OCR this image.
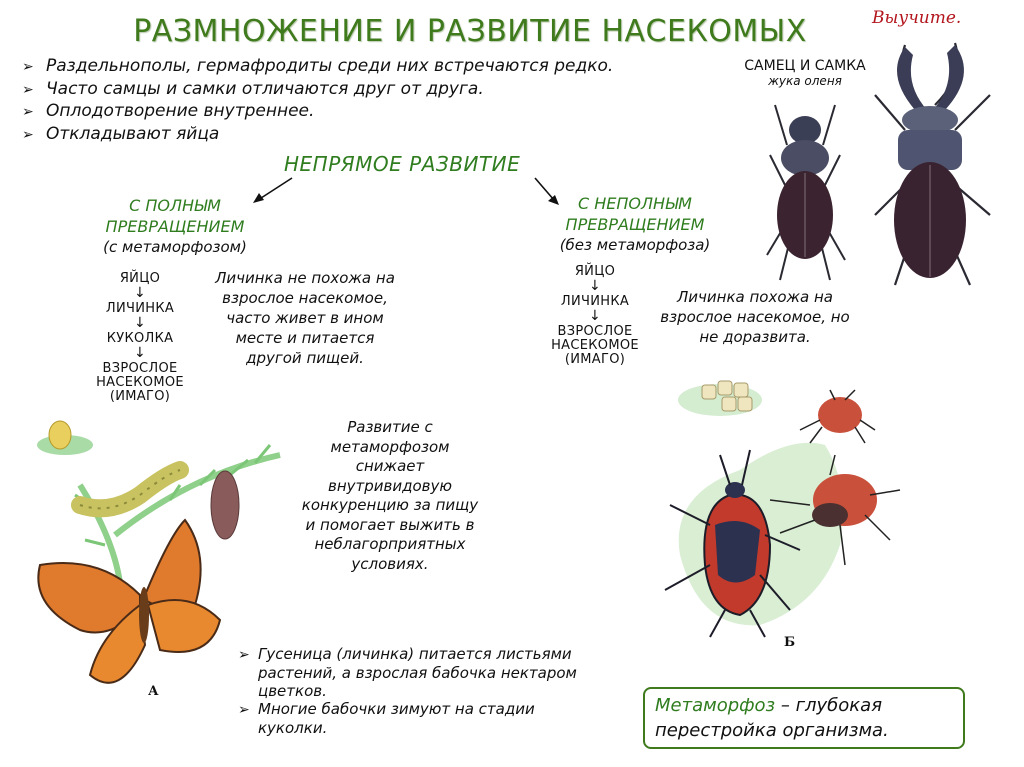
РАЗМНОЖЕНИЕ И РАЗВИТИЕ НАСЕКОМЫХ	Выучите.
➢ Раздельнополы, гермафродиты среди них встречаются редко.
➢ Часто самцы и самки отличаются друг от друга.
➢ Оплодотворение внутреннее.
➢ Откладывают яйца
САМЕЦ И САМКА
жука оленя
НЕПРЯМОЕ РАЗВИТИЕ
С ПОЛНЫМ
ПРЕВРАЩЕНИЕМ
(с метаморфозом)
ЯЙЦО
↓
ЛИЧИНКА
↓
КУКОЛКА
↓
ВЗРОСЛОЕ
НАСЕКОМОЕ
(ИМАГО)
Личинка не похожа на
взрослое насекомое,
часто живет в ином
месте и питается
другой пищей.
С НЕПОЛНЫМ
ПРЕВРАЩЕНИЕМ
(без метаморфоза)
ЯЙЦО
↓
ЛИЧИНКА
↓
ВЗРОСЛОЕ
НАСЕКОМОЕ
(ИМАГО)
Личинка похожа на
взрослое насекомое, но
не доразвита.
А
Развитие с
метаморфозом
снижает
внутривидовую
конкуренцию за пищу
и помогает выжить в
неблагорприятных
условиях.
Б
➢ Гусеница (личинка) питается листьями растений, а взрослая бабочка нектаром цветков.
➢ Многие бабочки зимуют на стадии куколки.
Метаморфоз – глубокая перестройка организма.
